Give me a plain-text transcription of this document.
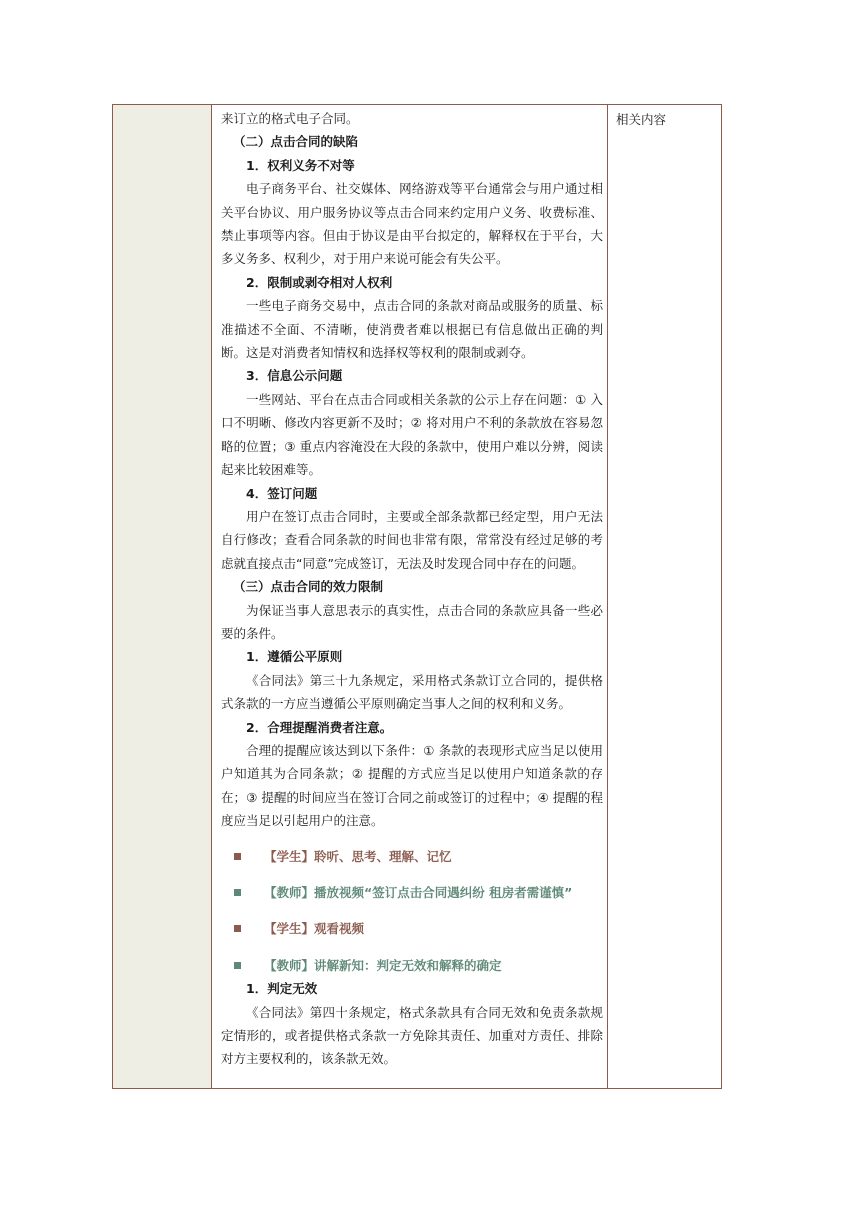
来订立的格式电子合同。

（二）点击合同的缺陷

1．权利义务不对等

电子商务平台、社交媒体、网络游戏等平台通常会与用户通过相关平台协议、用户服务协议等点击合同来约定用户义务、收费标准、禁止事项等内容。但由于协议是由平台拟定的，解释权在于平台，大多义务多、权利少，对于用户来说可能会有失公平。

2．限制或剥夺相对人权利

一些电子商务交易中，点击合同的条款对商品或服务的质量、标准描述不全面、不清晰，使消费者难以根据已有信息做出正确的判断。这是对消费者知情权和选择权等权利的限制或剥夺。

3．信息公示问题

一些网站、平台在点击合同或相关条款的公示上存在问题：① 入口不明晰、修改内容更新不及时；② 将对用户不利的条款放在容易忽略的位置；③ 重点内容淹没在大段的条款中，使用户难以分辨，阅读起来比较困难等。

4．签订问题

用户在签订点击合同时，主要或全部条款都已经定型，用户无法自行修改；查看合同条款的时间也非常有限，常常没有经过足够的考虑就直接点击“同意”完成签订，无法及时发现合同中存在的问题。

（三）点击合同的效力限制

为保证当事人意思表示的真实性，点击合同的条款应具备一些必要的条件。

1．遵循公平原则

《合同法》第三十九条规定，采用格式条款订立合同的，提供格式条款的一方应当遵循公平原则确定当事人之间的权利和义务。

2．合理提醒消费者注意。

合理的提醒应该达到以下条件：① 条款的表现形式应当足以使用户知道其为合同条款；② 提醒的方式应当足以使用户知道条款的存在；③ 提醒的时间应当在签订合同之前或签订的过程中；④ 提醒的程度应当足以引起用户的注意。

【学生】聆听、思考、理解、记忆

【教师】播放视频“签订点击合同遇纠纷 租房者需谨慎”

【学生】观看视频

【教师】讲解新知：判定无效和解释的确定

1．判定无效

《合同法》第四十条规定，格式条款具有合同无效和免责条款规定情形的，或者提供格式条款一方免除其责任、加重对方责任、排除对方主要权利的，该条款无效。

相关内容
